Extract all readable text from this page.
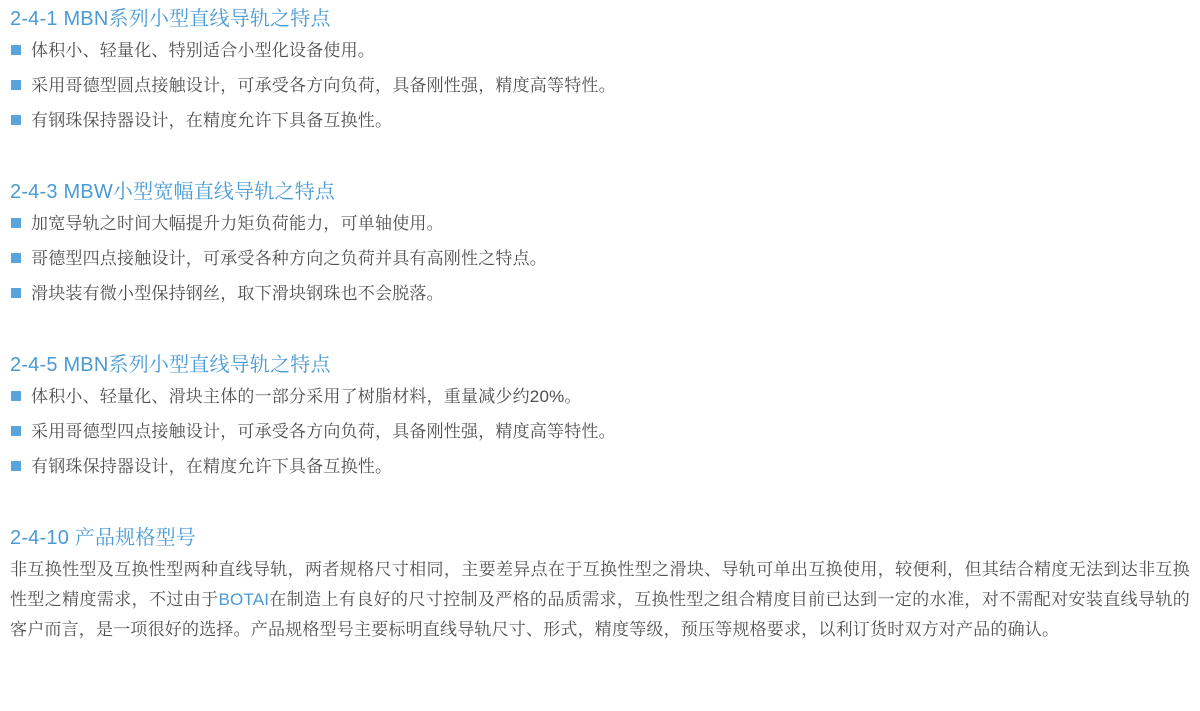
2-4-1 MBN系列小型直线导轨之特点
体积小、轻量化、特别适合小型化设备使用。
采用哥德型圆点接触设计，可承受各方向负荷，具备刚性强，精度高等特性。
有钢珠保持器设计，在精度允许下具备互换性。
2-4-3 MBW小型宽幅直线导轨之特点
加宽导轨之时间大幅提升力矩负荷能力，可单轴使用。
哥德型四点接触设计，可承受各种方向之负荷并具有高刚性之特点。
滑块装有微小型保持钢丝，取下滑块钢珠也不会脱落。
2-4-5 MBN系列小型直线导轨之特点
体积小、轻量化、滑块主体的一部分采用了树脂材料，重量减少约20%。
采用哥德型四点接触设计，可承受各方向负荷，具备刚性强，精度高等特性。
有钢珠保持器设计，在精度允许下具备互换性。
2-4-10 产品规格型号

非互换性型及互换性型两种直线导轨，两者规格尺寸相同，主要差异点在于互换性型之滑块、导轨可单出互换使用，较便利，但其结合精度无法到达非互换性型之精度需求，不过由于BOTAI在制造上有良好的尺寸控制及严格的品质需求，互换性型之组合精度目前已达到一定的水准，对不需配对安装直线导轨的客户而言，是一项很好的选择。产品规格型号主要标明直线导轨尺寸、形式，精度等级，预压等规格要求，以利订货时双方对产品的确认。
